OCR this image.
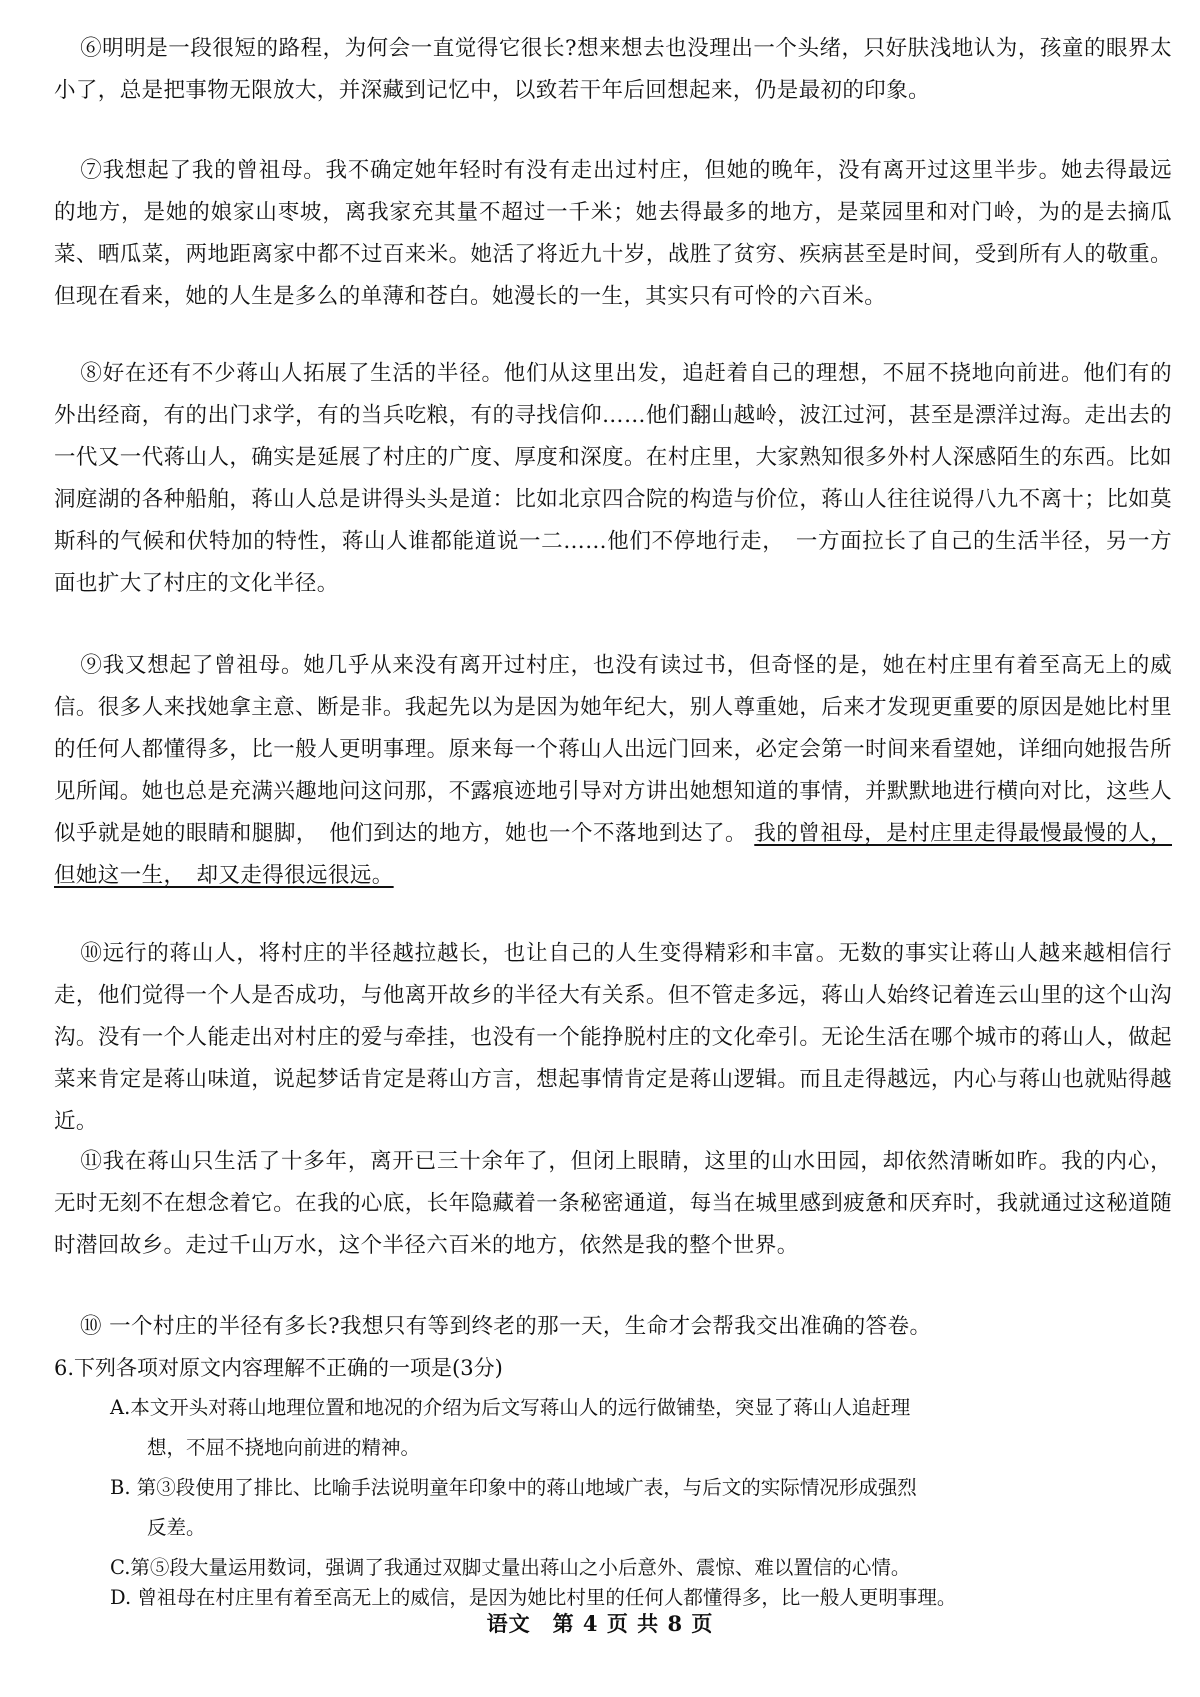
⑥明明是一段很短的路程，为何会一直觉得它很长?想来想去也没理出一个头绪，只好肤浅地认为，孩童的眼界太小了，总是把事物无限放大，并深藏到记忆中，以致若干年后回想起来，仍是最初的印象。

⑦我想起了我的曾祖母。我不确定她年轻时有没有走出过村庄，但她的晚年，没有离开过这里半步。她去得最远的地方，是她的娘家山枣坡，离我家充其量不超过一千米；她去得最多的地方，是菜园里和对门岭，为的是去摘瓜菜、晒瓜菜，两地距离家中都不过百来米。她活了将近九十岁，战胜了贫穷、疾病甚至是时间，受到所有人的敬重。但现在看来，她的人生是多么的单薄和苍白。她漫长的一生，其实只有可怜的六百米。

⑧好在还有不少蒋山人拓展了生活的半径。他们从这里出发，追赶着自己的理想，不屈不挠地向前进。他们有的外出经商，有的出门求学，有的当兵吃粮，有的寻找信仰……他们翻山越岭，波江过河，甚至是漂洋过海。走出去的一代又一代蒋山人，确实是延展了村庄的广度、厚度和深度。在村庄里，大家熟知很多外村人深感陌生的东西。比如洞庭湖的各种船舶，蒋山人总是讲得头头是道：比如北京四合院的构造与价位，蒋山人往往说得八九不离十；比如莫斯科的气候和伏特加的特性，蒋山人谁都能道说一二……他们不停地行走，　一方面拉长了自己的生活半径，另一方面也扩大了村庄的文化半径。

⑨我又想起了曾祖母。她几乎从来没有离开过村庄，也没有读过书，但奇怪的是，她在村庄里有着至高无上的威信。很多人来找她拿主意、断是非。我起先以为是因为她年纪大，别人尊重她，后来才发现更重要的原因是她比村里的任何人都懂得多，比一般人更明事理。原来每一个蒋山人出远门回来，必定会第一时间来看望她，详细向她报告所见所闻。她也总是充满兴趣地问这问那，不露痕迹地引导对方讲出她想知道的事情，并默默地进行横向对比，这些人似乎就是她的眼睛和腿脚，　他们到达的地方，她也一个不落地到达了。 我的曾祖母，是村庄里走得最慢最慢的人，但她这一生，　却又走得很远很远。

⑩远行的蒋山人，将村庄的半径越拉越长，也让自己的人生变得精彩和丰富。无数的事实让蒋山人越来越相信行走，他们觉得一个人是否成功，与他离开故乡的半径大有关系。但不管走多远，蒋山人始终记着连云山里的这个山沟沟。没有一个人能走出对村庄的爱与牵挂，也没有一个能挣脱村庄的文化牵引。无论生活在哪个城市的蒋山人，做起菜来肯定是蒋山味道，说起梦话肯定是蒋山方言，想起事情肯定是蒋山逻辑。而且走得越远，内心与蒋山也就贴得越近。

⑪我在蒋山只生活了十多年，离开已三十余年了，但闭上眼睛，这里的山水田园，却依然清晰如昨。我的内心，无时无刻不在想念着它。在我的心底，长年隐藏着一条秘密通道，每当在城里感到疲惫和厌弃时，我就通过这秘道随时潜回故乡。走过千山万水，这个半径六百米的地方，依然是我的整个世界。

⑩ 一个村庄的半径有多长?我想只有等到终老的那一天，生命才会帮我交出准确的答卷。

6.下列各项对原文内容理解不正确的一项是(3分)

A.本文开头对蒋山地理位置和地况的介绍为后文写蒋山人的远行做铺垫，突显了蒋山人追赶理
想，不屈不挠地向前进的精神。

B. 第③段使用了排比、比喻手法说明童年印象中的蒋山地域广表，与后文的实际情况形成强烈
反差。

C.第⑤段大量运用数词，强调了我通过双脚丈量出蒋山之小后意外、震惊、难以置信的心情。

D. 曾祖母在村庄里有着至高无上的威信，是因为她比村里的任何人都懂得多，比一般人更明事理。

语文　第 4 页 共 8 页
